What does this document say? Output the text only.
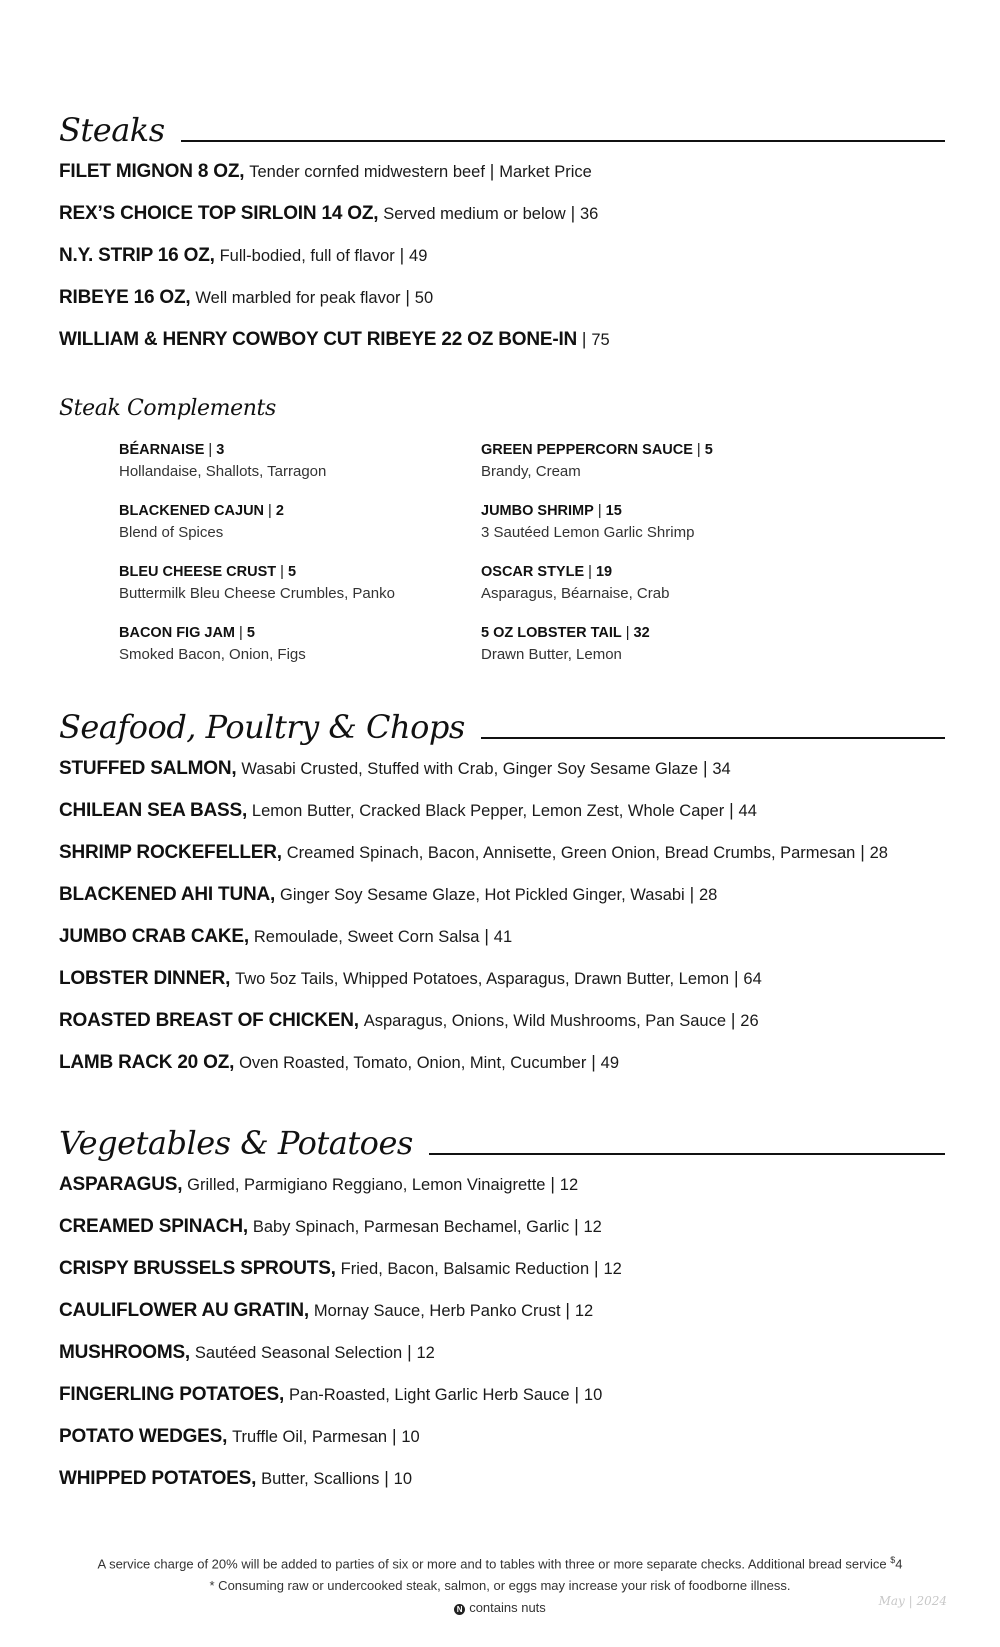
Steaks
FILET MIGNON 8 OZ, Tender cornfed midwestern beef | Market Price
REX’S CHOICE TOP SIRLOIN 14 OZ, Served medium or below | 36
N.Y. STRIP 16 OZ, Full-bodied, full of flavor | 49
RIBEYE 16 OZ, Well marbled for peak flavor | 50
WILLIAM & HENRY COWBOY CUT RIBEYE 22 OZ BONE-IN | 75
Steak Complements
BÉARNAISE | 3
Hollandaise, Shallots, Tarragon
GREEN PEPPERCORN SAUCE | 5
Brandy, Cream
BLACKENED CAJUN | 2
Blend of Spices
JUMBO SHRIMP | 15
3 Sautéed Lemon Garlic Shrimp
BLEU CHEESE CRUST | 5
Buttermilk Bleu Cheese Crumbles, Panko
OSCAR STYLE | 19
Asparagus, Béarnaise, Crab
BACON FIG JAM | 5
Smoked Bacon, Onion, Figs
5 OZ LOBSTER TAIL | 32
Drawn Butter, Lemon
Seafood, Poultry & Chops
STUFFED SALMON, Wasabi Crusted, Stuffed with Crab, Ginger Soy Sesame Glaze | 34
CHILEAN SEA BASS, Lemon Butter, Cracked Black Pepper, Lemon Zest, Whole Caper | 44
SHRIMP ROCKEFELLER, Creamed Spinach, Bacon, Annisette, Green Onion, Bread Crumbs, Parmesan | 28
BLACKENED AHI TUNA, Ginger Soy Sesame Glaze, Hot Pickled Ginger, Wasabi | 28
JUMBO CRAB CAKE, Remoulade, Sweet Corn Salsa | 41
LOBSTER DINNER, Two 5oz Tails, Whipped Potatoes, Asparagus, Drawn Butter, Lemon | 64
ROASTED BREAST OF CHICKEN, Asparagus, Onions, Wild Mushrooms, Pan Sauce | 26
LAMB RACK 20 OZ, Oven Roasted, Tomato, Onion, Mint, Cucumber | 49
Vegetables & Potatoes
ASPARAGUS, Grilled, Parmigiano Reggiano, Lemon Vinaigrette | 12
CREAMED SPINACH, Baby Spinach, Parmesan Bechamel, Garlic | 12
CRISPY BRUSSELS SPROUTS, Fried, Bacon, Balsamic Reduction | 12
CAULIFLOWER AU GRATIN, Mornay Sauce, Herb Panko Crust | 12
MUSHROOMS, Sautéed Seasonal Selection | 12
FINGERLING POTATOES, Pan-Roasted, Light Garlic Herb Sauce | 10
POTATO WEDGES, Truffle Oil, Parmesan | 10
WHIPPED POTATOES, Butter, Scallions | 10
A service charge of 20% will be added to parties of six or more and to tables with three or more separate checks. Additional bread service $4
* Consuming raw or undercooked steak, salmon, or eggs may increase your risk of foodborne illness.
N contains nuts	May | 2024
